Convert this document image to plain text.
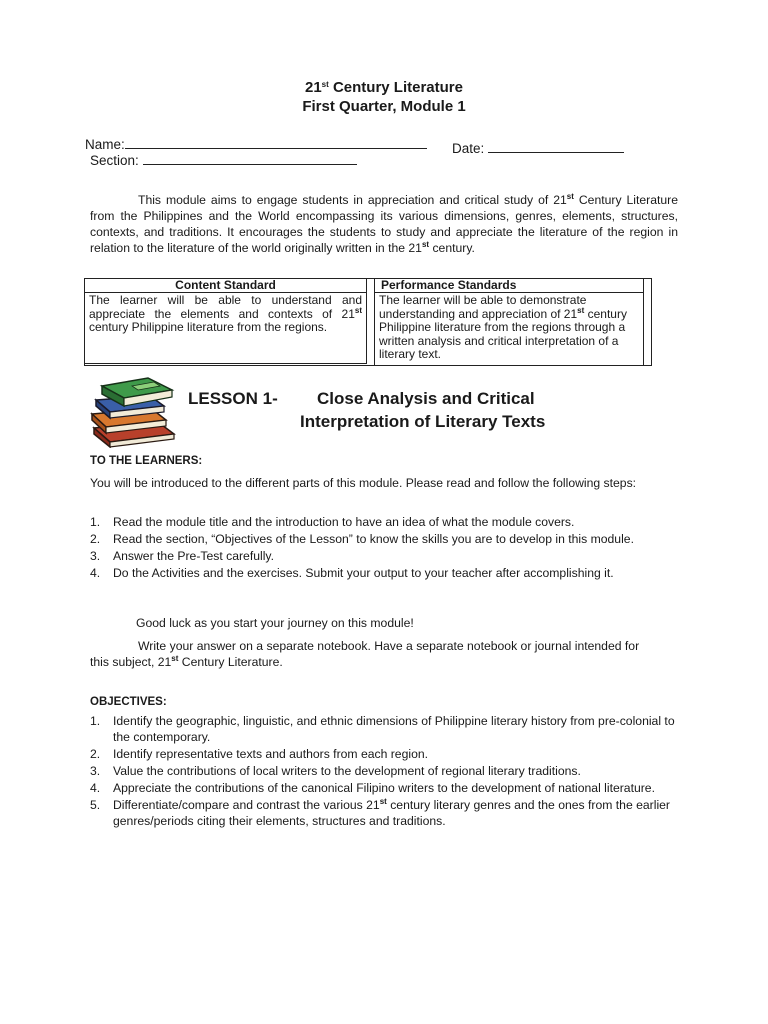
21st Century Literature
First Quarter, Module 1
Name:	Date:
Section:

This module aims to engage students in appreciation and critical study of 21st Century Literature from the Philippines and the World encompassing its various dimensions, genres, elements, structures, contexts, and traditions. It encourages the students to study and appreciate the literature of the region in relation to the literature of the world originally written in the 21st century.

Content Standard
The learner will be able to understand and appreciate the elements and contexts of 21st century Philippine literature from the regions.
Performance Standards
The learner will be able to demonstrate understanding and appreciation of 21st century Philippine literature from the regions through a written analysis and critical interpretation of a literary text.
LESSON 1- Close Analysis and Critical
Interpretation of Literary Texts
TO THE LEARNERS:
You will be introduced to the different parts of this module. Please read and follow the following steps:
1. Read the module title and the introduction to have an idea of what the module covers.
2. Read the section, “Objectives of the Lesson” to know the skills you are to develop in this module.
3. Answer the Pre-Test carefully.
4. Do the Activities and the exercises. Submit your output to your teacher after accomplishing it.
Good luck as you start your journey on this module!
Write your answer on a separate notebook. Have a separate notebook or journal intended for this subject, 21st Century Literature.
OBJECTIVES:
1. Identify the geographic, linguistic, and ethnic dimensions of Philippine literary history from pre-colonial to the contemporary.
2. Identify representative texts and authors from each region.
3. Value the contributions of local writers to the development of regional literary traditions.
4. Appreciate the contributions of the canonical Filipino writers to the development of national literature.
5. Differentiate/compare and contrast the various 21st century literary genres and the ones from the earlier genres/periods citing their elements, structures and traditions.
